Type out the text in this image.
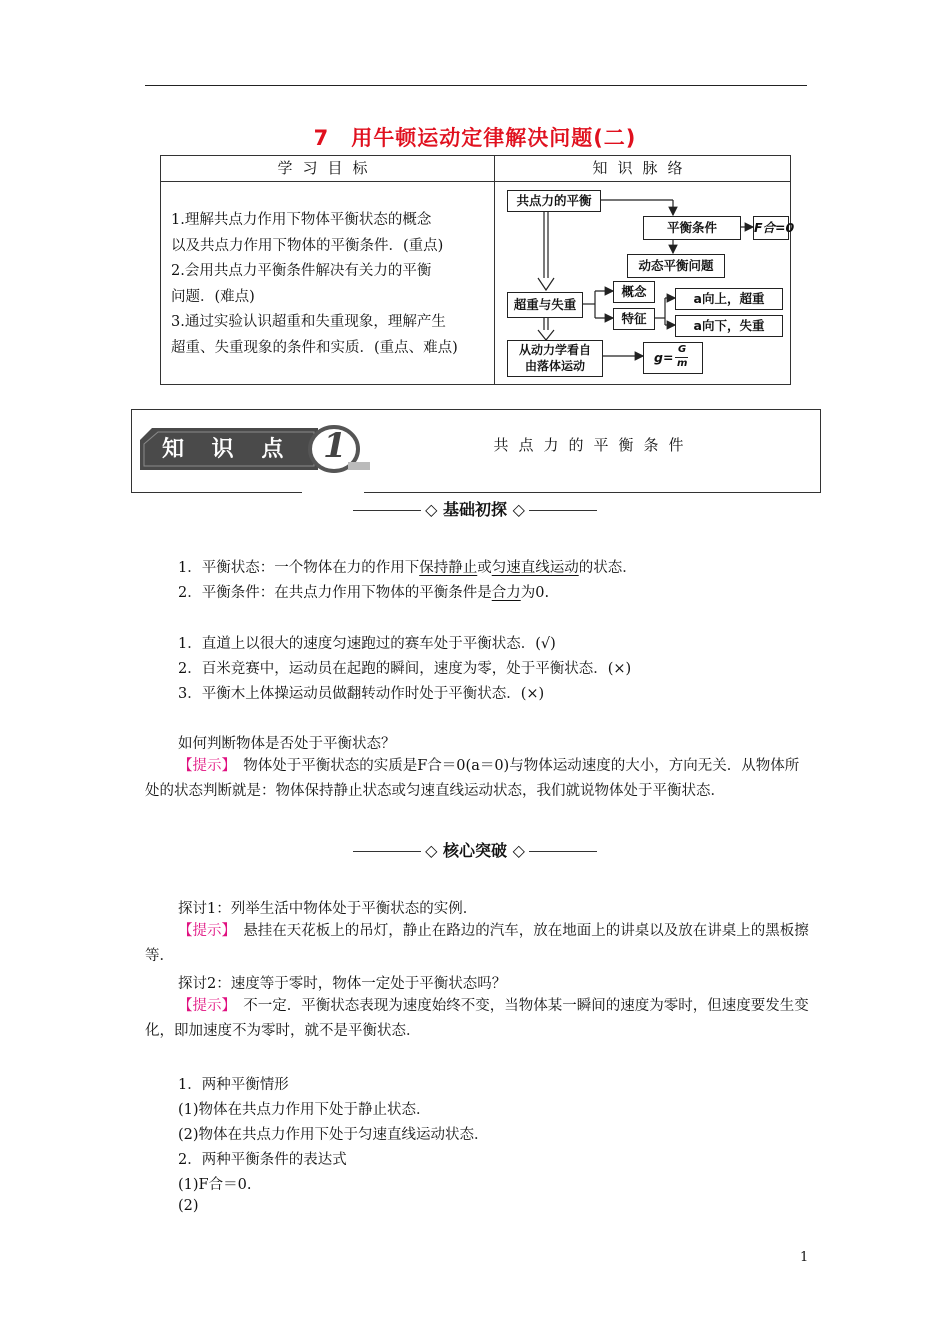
7　用牛顿运动定律解决问题(二)
学习目标	知识脉络
1.理解共点力作用下物体平衡状态的概念
以及共点力作用下物体的平衡条件．(重点)
2.会用共点力平衡条件解决有关力的平衡
问题．(难点)
3.通过实验认识超重和失重现象，理解产生
超重、失重现象的条件和实质．(重点、难点)
共点力的平衡
平衡条件	F合=0
动态平衡问题
超重与失重
概念
特征
a向上，超重
a向下，失重
从动力学看自
由落体运动
g=
G
m
知 识 点 1	共点力的平衡条件
◇ 基础初探 ◇
1．平衡状态：一个物体在力的作用下保持静止或匀速直线运动的状态．
2．平衡条件：在共点力作用下物体的平衡条件是合力为0.
1．直道上以很大的速度匀速跑过的赛车处于平衡状态．(√)
2．百米竞赛中，运动员在起跑的瞬间，速度为零，处于平衡状态．(×)
3．平衡木上体操运动员做翻转动作时处于平衡状态．(×)
如何判断物体是否处于平衡状态？
【提示】　 物体处于平衡状态的实质是F合＝0(a＝0)与物体运动速度的大小，方向无关．从物体所处的状态判断就是：物体保持静止状态或匀速直线运动状态，我们就说物体处于平衡状态．
◇ 核心突破 ◇
探讨1：列举生活中物体处于平衡状态的实例．
【提示】　 悬挂在天花板上的吊灯，静止在路边的汽车，放在地面上的讲桌以及放在讲桌上的黑板擦等．
探讨2：速度等于零时，物体一定处于平衡状态吗？
【提示】　 不一定．平衡状态表现为速度始终不变，当物体某一瞬间的速度为零时，但速度要发生变化，即加速度不为零时，就不是平衡状态．
1．两种平衡情形
(1)物体在共点力作用下处于静止状态．
(2)物体在共点力作用下处于匀速直线运动状态．
2．两种平衡条件的表达式
(1)F合＝0.
(2)
1
